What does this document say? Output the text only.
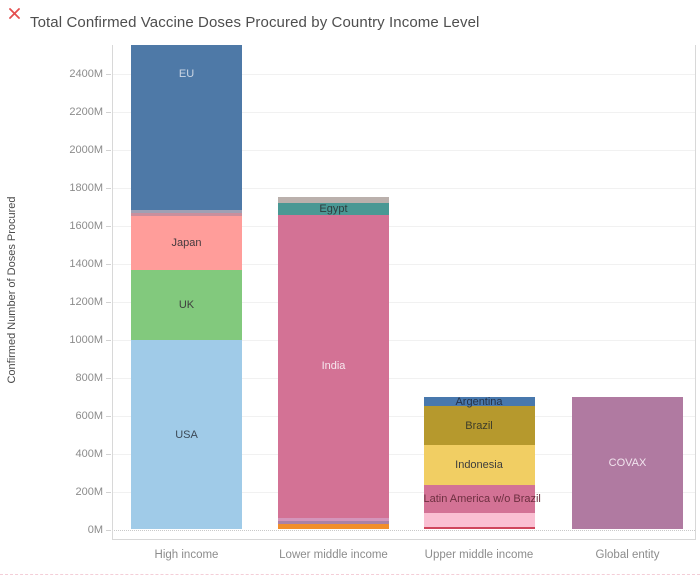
Total Confirmed Vaccine Doses Procured by Country Income Level
Confirmed Number of Doses Procured
0M
200M
400M
600M
800M
1000M
1200M
1400M
1600M
1800M
2000M
2200M
2400M
USA
UK
Japan
EU
High income
India
Egypt
Lower middle income
Latin America w/o Brazil
Indonesia
Brazil
Argentina
Upper middle income
COVAX
Global entity
